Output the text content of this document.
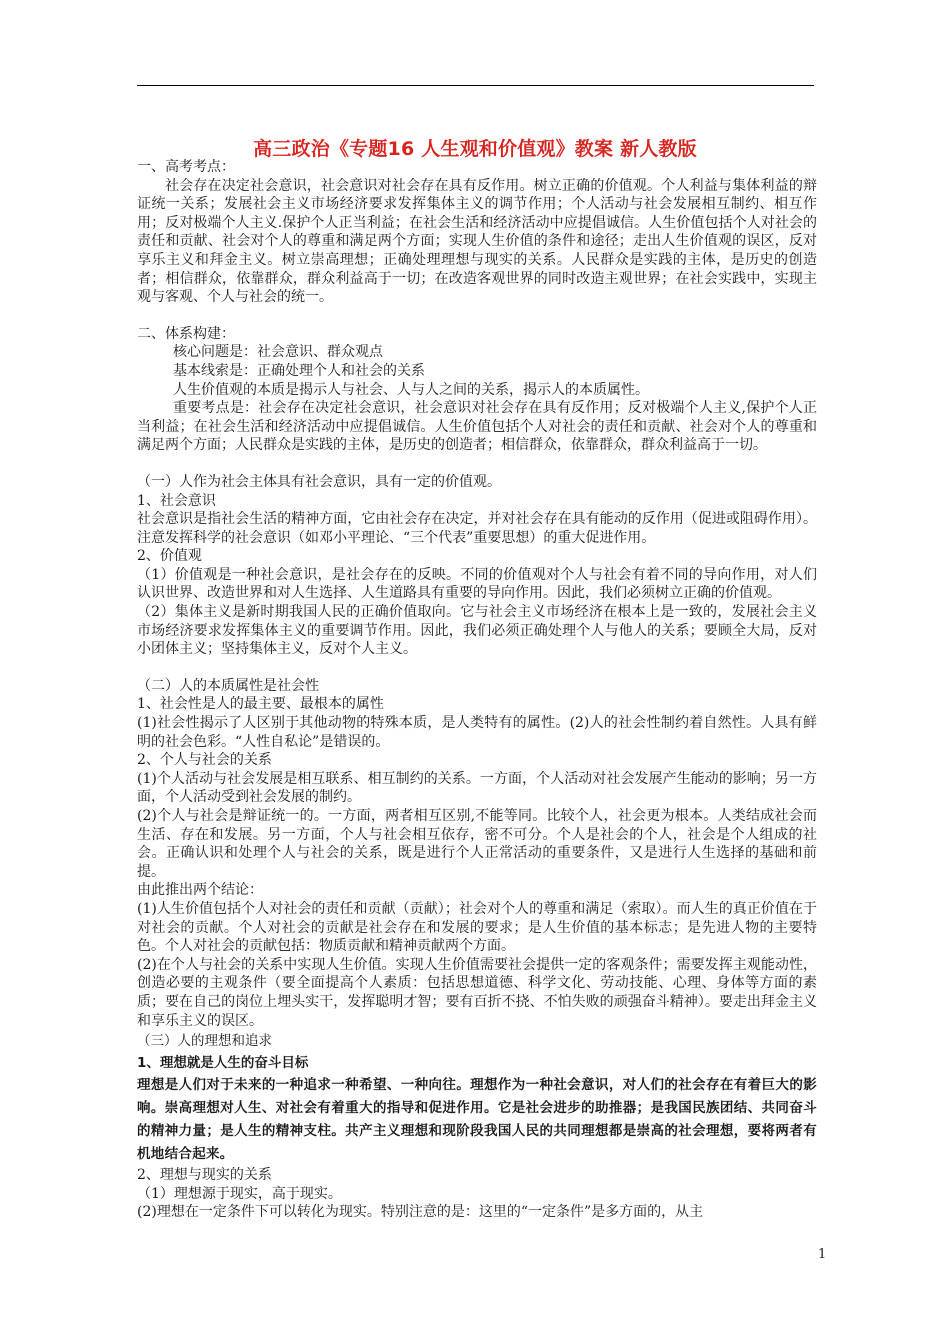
高三政治《专题16 人生观和价值观》教案 新人教版

一、高考考点：

社会存在决定社会意识，社会意识对社会存在具有反作用。树立正确的价值观。个人利益与集体利益的辩证统一关系；发展社会主义市场经济要求发挥集体主义的调节作用；个人活动与社会发展相互制约、相互作用；反对极端个人主义.保护个人正当利益；在社会生活和经济活动中应提倡诚信。人生价值包括个人对社会的责任和贡献、社会对个人的尊重和满足两个方面；实现人生价值的条件和途径；走出人生价值观的误区，反对享乐主义和拜金主义。树立崇高理想；正确处理理想与现实的关系。人民群众是实践的主体，是历史的创造者；相信群众，依靠群众，群众利益高于一切；在改造客观世界的同时改造主观世界；在社会实践中，实现主观与客观、个人与社会的统一。

二、体系构建：

核心问题是：社会意识、群众观点

基本线索是：正确处理个人和社会的关系

人生价值观的本质是揭示人与社会、人与人之间的关系，揭示人的本质属性。

重要考点是：社会存在决定社会意识，社会意识对社会存在具有反作用；反对极端个人主义,保护个人正当利益；在社会生活和经济活动中应提倡诚信。人生价值包括个人对社会的责任和贡献、社会对个人的尊重和满足两个方面；人民群众是实践的主体，是历史的创造者；相信群众，依靠群众，群众利益高于一切。

（一）人作为社会主体具有社会意识，具有一定的价值观。

1、社会意识

社会意识是指社会生活的精神方面，它由社会存在决定，并对社会存在具有能动的反作用（促进或阻碍作用）。注意发挥科学的社会意识（如邓小平理论、“三个代表”重要思想）的重大促进作用。

2、价值观

（1）价值观是一种社会意识，是社会存在的反映。不同的价值观对个人与社会有着不同的导向作用，对人们认识世界、改造世界和对人生选择、人生道路具有重要的导向作用。因此，我们必须树立正确的价值观。

（2）集体主义是新时期我国人民的正确价值取向。它与社会主义市场经济在根本上是一致的，发展社会主义市场经济要求发挥集体主义的重要调节作用。因此，我们必须正确处理个人与他人的关系；要顾全大局，反对小团体主义；坚持集体主义，反对个人主义。

（二）人的本质属性是社会性

1、社会性是人的最主要、最根本的属性

(1)社会性揭示了人区别于其他动物的特殊本质，是人类特有的属性。(2)人的社会性制约着自然性。人具有鲜明的社会色彩。“人性自私论”是错误的。

2、个人与社会的关系

(1)个人活动与社会发展是相互联系、相互制约的关系。一方面，个人活动对社会发展产生能动的影响；另一方面，个人活动受到社会发展的制约。

(2)个人与社会是辩证统一的。一方面，两者相互区别,不能等同。比较个人，社会更为根本。人类结成社会而生活、存在和发展。另一方面，个人与社会相互依存，密不可分。个人是社会的个人，社会是个人组成的社会。正确认识和处理个人与社会的关系，既是进行个人正常活动的重要条件，又是进行人生选择的基础和前提。

由此推出两个结论：

(1)人生价值包括个人对社会的责任和贡献（贡献）；社会对个人的尊重和满足（索取）。而人生的真正价值在于对社会的贡献。个人对社会的贡献是社会存在和发展的要求；是人生价值的基本标志；是先进人物的主要特色。个人对社会的贡献包括：物质贡献和精神贡献两个方面。

(2)在个人与社会的关系中实现人生价值。实现人生价值需要社会提供一定的客观条件；需要发挥主观能动性，创造必要的主观条件（要全面提高个人素质：包括思想道德、科学文化、劳动技能、心理、身体等方面的素质；要在自己的岗位上埋头实干，发挥聪明才智；要有百折不挠、不怕失败的顽强奋斗精神）。要走出拜金主义和享乐主义的误区。

（三）人的理想和追求

1、理想就是人生的奋斗目标

理想是人们对于未来的一种追求一种希望、一种向往。理想作为一种社会意识，对人们的社会存在有着巨大的影响。崇高理想对人生、对社会有着重大的指导和促进作用。它是社会进步的助推器；是我国民族团结、共同奋斗的精神力量；是人生的精神支柱。共产主义理想和现阶段我国人民的共同理想都是崇高的社会理想，要将两者有机地结合起来。

2、理想与现实的关系

（1）理想源于现实，高于现实。

(2)理想在一定条件下可以转化为现实。特别注意的是：这里的“一定条件”是多方面的，从主

1
